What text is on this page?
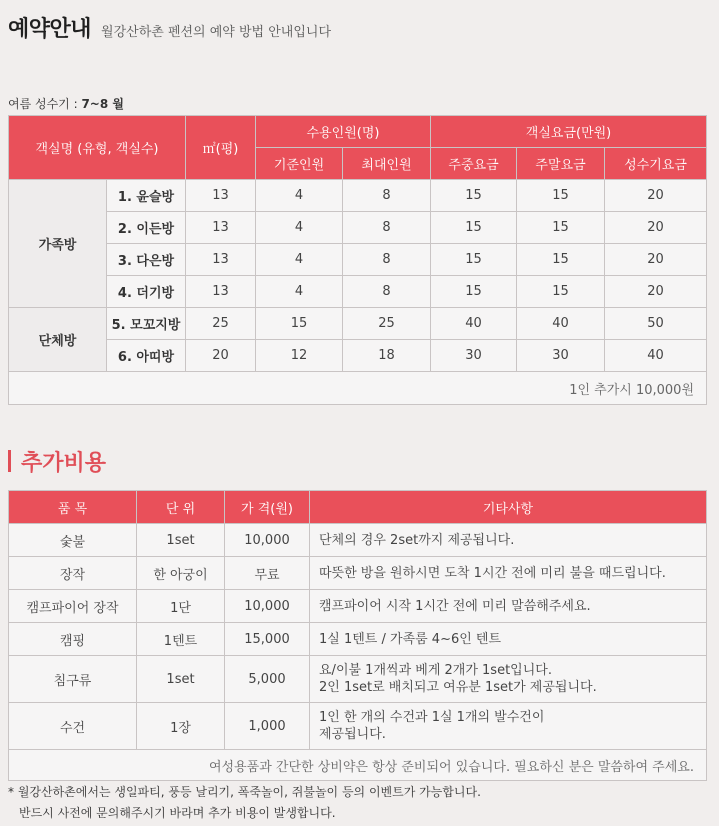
예약안내 월강산하촌 펜션의 예약 방법 안내입니다
여름 성수기 : 7~8 월
객실명 (유형, 객실수)		㎡(평)	수용인원(명)		객실요금(만원)		
			기준인원	최대인원	주중요금	주말요금	성수기요금
가족방	1. 윤슬방	13	4	8	15	15	20
	2. 이든방	13	4	8	15	15	20
	3. 다은방	13	4	8	15	15	20
	4. 더기방	13	4	8	15	15	20
단체방	5. 모꼬지방	25	15	25	40	40	50
	6. 아띠방	20	12	18	30	30	40
1인 추가시 10,000원							
추가비용
품 목	단 위	가 격(원)	기타사항
숯불	1set	10,000	단체의 경우 2set까지 제공됩니다.
장작	한 아궁이	무료	따뜻한 방을 원하시면 도착 1시간 전에 미리 불을 때드립니다.
캠프파이어 장작	1단	10,000	캠프파이어 시작 1시간 전에 미리 말씀해주세요.
캠핑	1텐트	15,000	1실 1텐트 / 가족룸 4~6인 텐트
침구류	1set	5,000	요/이불 1개씩과 베게 2개가 1set입니다.
2인 1set로 배치되고 여유분 1set가 제공됩니다.
수건	1장	1,000	1인 한 개의 수건과 1실 1개의 발수건이
제공됩니다.
여성용품과 간단한 상비약은 항상 준비되어 있습니다. 필요하신 분은 말씀하여 주세요.			
* 월강산하촌에서는 생일파티, 풍등 날리기, 폭죽놀이, 쥐불놀이 등의 이벤트가 가능합니다.
반드시 사전에 문의해주시기 바라며 추가 비용이 발생합니다.
